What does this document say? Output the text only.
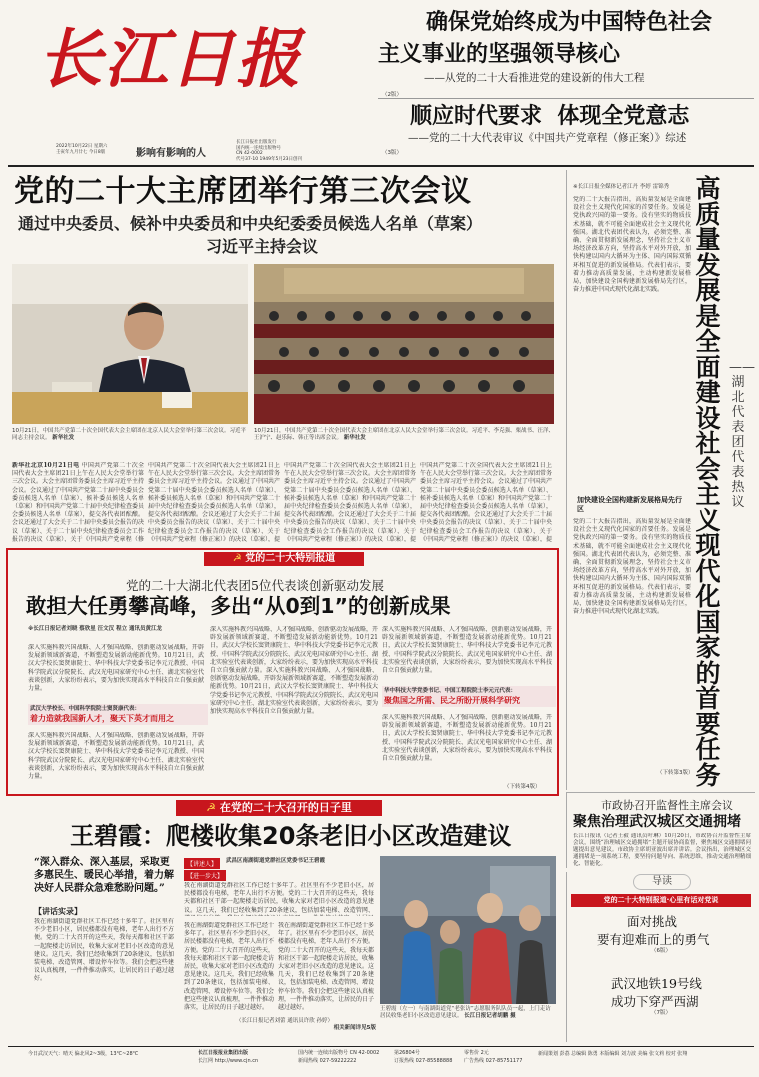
长江日报
2022年10月22日 星期六
壬寅年九月廿七 今日8版	影响有影响的人
长江日报社出版发行
国内统一连续出版物号
CN 42-0002
代号37-10 1949年5月23日创刊
确保党始终成为中国特色社会
主义事业的坚强领导核心
——从党的二十大看推进党的建设新的伟大工程
（2版）
顺应时代要求  体现全党意志
——党的二十大代表审议《中国共产党章程（修正案）》综述
（3版）
党的二十大主席团举行第三次会议
通过中央委员、候补中央委员和中央纪委委员候选人名单（草案）
习近平主持会议
10月21日，中国共产党第二十次全国代表大会主席团在北京人民大会堂举行第三次会议。习近平同志主持会议。 新华社发
10月21日，中国共产党第二十次全国代表大会主席团在北京人民大会堂举行第三次会议。习近平、李克强、栗战书、汪洋、王沪宁、赵乐际、韩正等出席会议。 新华社发
新华社北京10月21日电 中国共产党第二十次全国代表大会主席团21日上午在人民大会堂举行第三次会议。大会主席团常务委员会主席习近平主持会议。会议通过了中国共产党第二十届中央委员会委员候选人名单（草案）、候补委员候选人名单（草案）和中国共产党第二十届中央纪律检查委员会委员候选人名单（草案），提交各代表团酝酿。会议还通过了大会关于二十届中央委员会报告的决议（草案）、关于二十届中央纪律检查委员会工作报告的决议（草案）、关于《中国共产党章程（修
中国共产党第二十次全国代表大会主席团21日上午在人民大会堂举行第三次会议。大会主席团常务委员会主席习近平主持会议。会议通过了中国共产党第二十届中央委员会委员候选人名单（草案）、候补委员候选人名单（草案）和中国共产党第二十届中央纪律检查委员会委员候选人名单（草案），提交各代表团酝酿。会议还通过了大会关于二十届中央委员会报告的决议（草案）、关于二十届中央纪律检查委员会工作报告的决议（草案）、关于《中国共产党章程（修正案）》的决议（草案），提
中国共产党第二十次全国代表大会主席团21日上午在人民大会堂举行第三次会议。大会主席团常务委员会主席习近平主持会议。会议通过了中国共产党第二十届中央委员会委员候选人名单（草案）、候补委员候选人名单（草案）和中国共产党第二十届中央纪律检查委员会委员候选人名单（草案），提交各代表团酝酿。会议还通过了大会关于二十届中央委员会报告的决议（草案）、关于二十届中央纪律检查委员会工作报告的决议（草案）、关于《中国共产党章程（修正案）》的决议（草案），提
中国共产党第二十次全国代表大会主席团21日上午在人民大会堂举行第三次会议。大会主席团常务委员会主席习近平主持会议。会议通过了中国共产党第二十届中央委员会委员候选人名单（草案）、候补委员候选人名单（草案）和中国共产党第二十届中央纪律检查委员会委员候选人名单（草案），提交各代表团酝酿。会议还通过了大会关于二十届中央委员会报告的决议（草案）、关于二十届中央纪律检查委员会工作报告的决议（草案）、关于《中国共产党章程（修正案）》的决议（草案），提
※长江日报全媒体记者江丹 李婷 雷锦秀
党的二十大报告指出，高质量发展是全面建设社会主义现代化国家的首要任务。发展是党执政兴国的第一要务。没有坚实的物质技术基础，就不可能全面建成社会主义现代化强国。湖北代表团代表认为，必须完整、准确、全面贯彻新发展理念，坚持社会主义市场经济改革方向，坚持高水平对外开放，加快构建以国内大循环为主体、国内国际双循环相互促进的新发展格局。代表们表示，要着力推动高质量发展，主动构建新发展格局，加快建设全国构建新发展格局先行区，奋力推进中国式现代化湖北实践。
加快建设全国构建新发展格局先行区
党的二十大报告指出，高质量发展是全面建设社会主义现代化国家的首要任务。发展是党执政兴国的第一要务。没有坚实的物质技术基础，就不可能全面建成社会主义现代化强国。湖北代表团代表认为，必须完整、准确、全面贯彻新发展理念，坚持社会主义市场经济改革方向，坚持高水平对外开放，加快构建以国内大循环为主体、国内国际双循环相互促进的新发展格局。代表们表示，要着力推动高质量发展，主动构建新发展格局，加快建设全国构建新发展格局先行区，奋力推进中国式现代化湖北实践。
（下转第3版）
高质量发展是全面建设社会主义现代化国家的首要任务
——湖北代表团代表热议
☭ 党的二十大特别报道
党的二十大湖北代表团5位代表谈创新驱动发展
敢担大任勇攀高峰，多出“从0到1”的创新成果
※长江日报记者刘晓 蔡欣星 汪文汉 程立 通讯员黄江龙
深入实施科教兴国战略、人才强国战略、创新驱动发展战略，开辟发展新领域新赛道，不断塑造发展新动能新优势。10月21日，武汉大学校长窦贤康院士、华中科技大学党委书记李元元教授、中国科学院武汉分院院长、武汉光电国家研究中心主任、湖北实验室代表谈创新，大家纷纷表示，要为加快实现高水平科技自立自强贡献力量。
武汉大学校长、中国科学院院士窦贤康代表：
着力造就我国新人才，聚天下英才而用之
深入实施科教兴国战略、人才强国战略、创新驱动发展战略，开辟发展新领域新赛道，不断塑造发展新动能新优势。10月21日，武汉大学校长窦贤康院士、华中科技大学党委书记李元元教授、中国科学院武汉分院院长、武汉光电国家研究中心主任、湖北实验室代表谈创新，大家纷纷表示，要为加快实现高水平科技自立自强贡献力量。
深入实施科教兴国战略、人才强国战略、创新驱动发展战略，开辟发展新领域新赛道，不断塑造发展新动能新优势。10月21日，武汉大学校长窦贤康院士、华中科技大学党委书记李元元教授、中国科学院武汉分院院长、武汉光电国家研究中心主任、湖北实验室代表谈创新，大家纷纷表示，要为加快实现高水平科技自立自强贡献力量。深入实施科教兴国战略、人才强国战略、创新驱动发展战略，开辟发展新领域新赛道，不断塑造发展新动能新优势。10月21日，武汉大学校长窦贤康院士、华中科技大学党委书记李元元教授、中国科学院武汉分院院长、武汉光电国家研究中心主任、湖北实验室代表谈创新，大家纷纷表示，要为加快实现高水平科技自立自强贡献力量。
深入实施科教兴国战略、人才强国战略、创新驱动发展战略，开辟发展新领域新赛道，不断塑造发展新动能新优势。10月21日，武汉大学校长窦贤康院士、华中科技大学党委书记李元元教授、中国科学院武汉分院院长、武汉光电国家研究中心主任、湖北实验室代表谈创新，大家纷纷表示，要为加快实现高水平科技自立自强贡献力量。
华中科技大学党委书记、中国工程院院士李元元代表：
聚焦国之所需、民之所盼开展科学研究
深入实施科教兴国战略、人才强国战略、创新驱动发展战略，开辟发展新领域新赛道，不断塑造发展新动能新优势。10月21日，武汉大学校长窦贤康院士、华中科技大学党委书记李元元教授、中国科学院武汉分院院长、武汉光电国家研究中心主任、湖北实验室代表谈创新，大家纷纷表示，要为加快实现高水平科技自立自强贡献力量。
（下转第4版）
市政协召开监督性主席会议
聚焦治理武汉城区交通拥堵
长江日报讯（记者王毅 通讯员叶琳）10月20日，市政协召开监督性主席会议，围绕“治理城区交通拥堵”主题开展协商监督，聚焦城区交通拥堵问题提出意见建议。市政协主席胡亚波出席并讲话。会议指出，治理城区交通拥堵是一项系统工程，要坚持问题导向、系统思维，推动交通治理精细化、智能化。
☭ 在党的二十大召开的日子里
王碧霞：爬楼收集20条老旧小区改造建议
“深入群众、深入基层，采取更多惠民生、暖民心举措，着力解决好人民群众急难愁盼问题。”
【讲话实录】
我在南湖街道党群社区工作已经十多年了。社区里有不少老旧小区，居民楼都没有电梯，老年人出行不方便。党的二十大召开的这些天，我每天都和社区干部一起爬楼走访居民，收集大家对老旧小区改造的意见建议。这几天，我们已经收集到了20条建议，包括加装电梯、改造管网、增设停车位等。我们会把这些建议认真梳理，一件件推动落实，让居民的日子越过越好。
【讲述人】
【进一步大】
武昌区南湖街道党群社区党委书记王碧霞
我在南湖街道党群社区工作已经十多年了。社区里有不少老旧小区，居民楼都没有电梯，老年人出行不方便。党的二十大召开的这些天，我每天都和社区干部一起爬楼走访居民，收集大家对老旧小区改造的意见建议。这几天，我们已经收集到了20条建议，包括加装电梯、改造管网、
我在南湖街道党群社区工作已经十多年了。社区里有不少老旧小区，居民楼都没有电梯，老年人出行不方便。党的二十大召开的这些天，我每天都和社区干部一起爬楼走访居民，收集大家对老旧小区改造的意见建议。这几天，我们已经收集到了20条建议，包括加装电梯、改造管网、增设停车位等。我们会把这些建议认真梳理，一件件推动落实，让居民的日子越过越好。
我在南湖街道党群社区工作已经十多年了。社区里有不少老旧小区，居民楼都没有电梯，老年人出行不方便。党的二十大召开的这些天，我每天都和社区干部一起爬楼走访居民，收集大家对老旧小区改造的意见建议。这几天，我们已经收集到了20条建议，包括加装电梯、改造管网、增设停车位等。我们会把这些建议认真梳理，一件件推动落实，让居民的日子越过越好。
（长江日报记者刘蕾 通讯员许欣 孙婷）
相关新闻详见5版
王碧霞（左一）与南湖街道党“老张访”志愿服务队队员一起，上门走访居民收集老旧小区改造意见建议。 长江日报记者胡鹏 摄
导读
党的二十大特别报道·心里有话对党说
面对挑战
要有迎难而上的勇气
（6版）
武汉地铁19号线
成功下穿严西湖
（7版）
今日武汉天气：晴天 偏北风2~3级，13℃~28℃	长江日报报业集团出版
长江网 http://www.cjn.cn
国内统一连续出版物号 CN 42-0002
新闻热线 027-59222222
第26804号
订报热线 027-85588888
零售价 2元
广告热线 027-85751177
新闻策划 彭荔 总编辑 陈勇 本版编辑 刘力波 美编 张文莉 校对 张翔
